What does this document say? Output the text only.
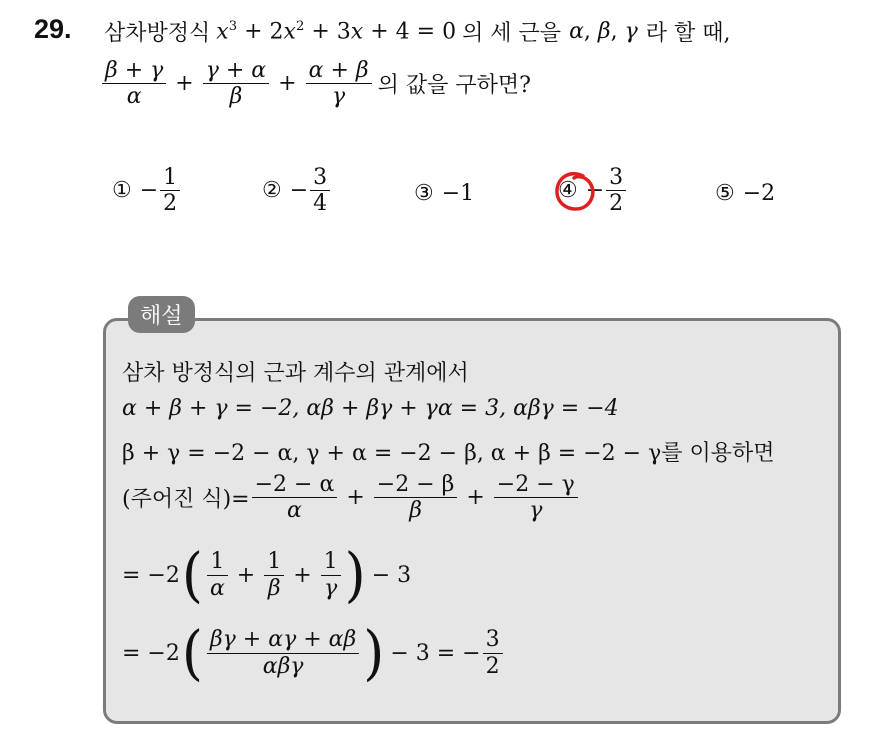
29. 삼차방정식 $x^3 + 2x^2 + 3x + 4 = 0$ 의 세 근을 α, β, γ 라 할 때,
$\frac{\beta + \gamma}{\alpha} + \frac{\gamma + \alpha}{\beta} + \frac{\alpha + \beta}{\gamma}$ 의 값을 구하면?
① − $\frac{1}{2}$	② − $\frac{3}{4}$	③ −1	④ − $\frac{3}{2}$	⑤ −2
해설
삼차 방정식의 근과 계수의 관계에서
α + β + γ = −2, αβ + βγ + γα = 3, αβγ = −4
β + γ = −2 − α, γ + α = −2 − β, α + β = −2 − γ를 이용하면
(주어진 식)= $\frac{-2 - \alpha}{\alpha} + \frac{-2 - \beta}{\beta} + \frac{-2 - \gamma}{\gamma}$
= −2 ( $\frac{1}{\alpha} + \frac{1}{\beta} + \frac{1}{\gamma}$ ) − 3
= −2 ( $\frac{\beta\gamma + \alpha\gamma + \alpha\beta}{\text{αβγ}}$ ) − 3 = − $\frac{3}{2}$
